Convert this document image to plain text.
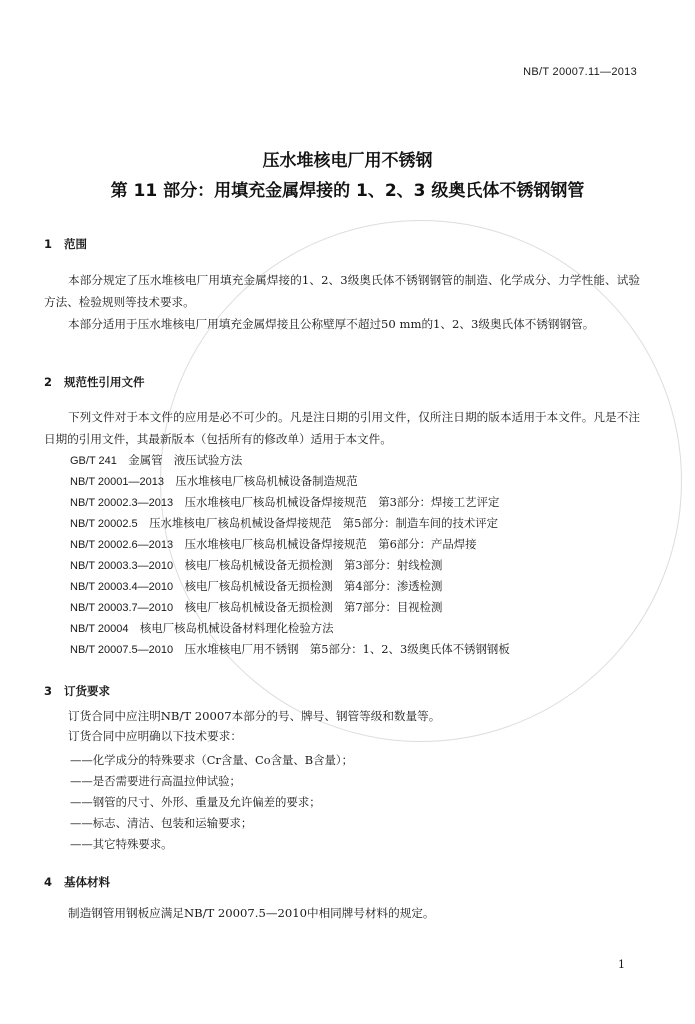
NB/T 20007.11—2013
压水堆核电厂用不锈钢
第 11 部分：用填充金属焊接的 1、2、3 级奥氏体不锈钢钢管
1 范围
本部分规定了压水堆核电厂用填充金属焊接的1、2、3级奥氏体不锈钢钢管的制造、化学成分、力学性能、试验方法、检验规则等技术要求。
本部分适用于压水堆核电厂用填充金属焊接且公称壁厚不超过50 mm的1、2、3级奥氏体不锈钢钢管。
2 规范性引用文件
下列文件对于本文件的应用是必不可少的。凡是注日期的引用文件，仅所注日期的版本适用于本文件。凡是不注日期的引用文件，其最新版本（包括所有的修改单）适用于本文件。
GB/T 241　 金属管　液压试验方法
NB/T 20001—2013　 压水堆核电厂核岛机械设备制造规范
NB/T 20002.3—2013　 压水堆核电厂核岛机械设备焊接规范　第3部分：焊接工艺评定
NB/T 20002.5　 压水堆核电厂核岛机械设备焊接规范　第5部分：制造车间的技术评定
NB/T 20002.6—2013　 压水堆核电厂核岛机械设备焊接规范　第6部分：产品焊接
NB/T 20003.3—2010　 核电厂核岛机械设备无损检测　第3部分：射线检测
NB/T 20003.4—2010　 核电厂核岛机械设备无损检测　第4部分：渗透检测
NB/T 20003.7—2010　 核电厂核岛机械设备无损检测　第7部分：目视检测
NB/T 20004　 核电厂核岛机械设备材料理化检验方法
NB/T 20007.5—2010　 压水堆核电厂用不锈钢　第5部分：1、2、3级奥氏体不锈钢钢板
3 订货要求
订货合同中应注明NB/T 20007本部分的号、牌号、钢管等级和数量等。
订货合同中应明确以下技术要求：
——化学成分的特殊要求（Cr含量、Co含量、B含量）；
——是否需要进行高温拉伸试验；
——钢管的尺寸、外形、重量及允许偏差的要求；
——标志、清洁、包装和运输要求；
——其它特殊要求。
4 基体材料
制造钢管用钢板应满足NB/T 20007.5—2010中相同牌号材料的规定。
1
